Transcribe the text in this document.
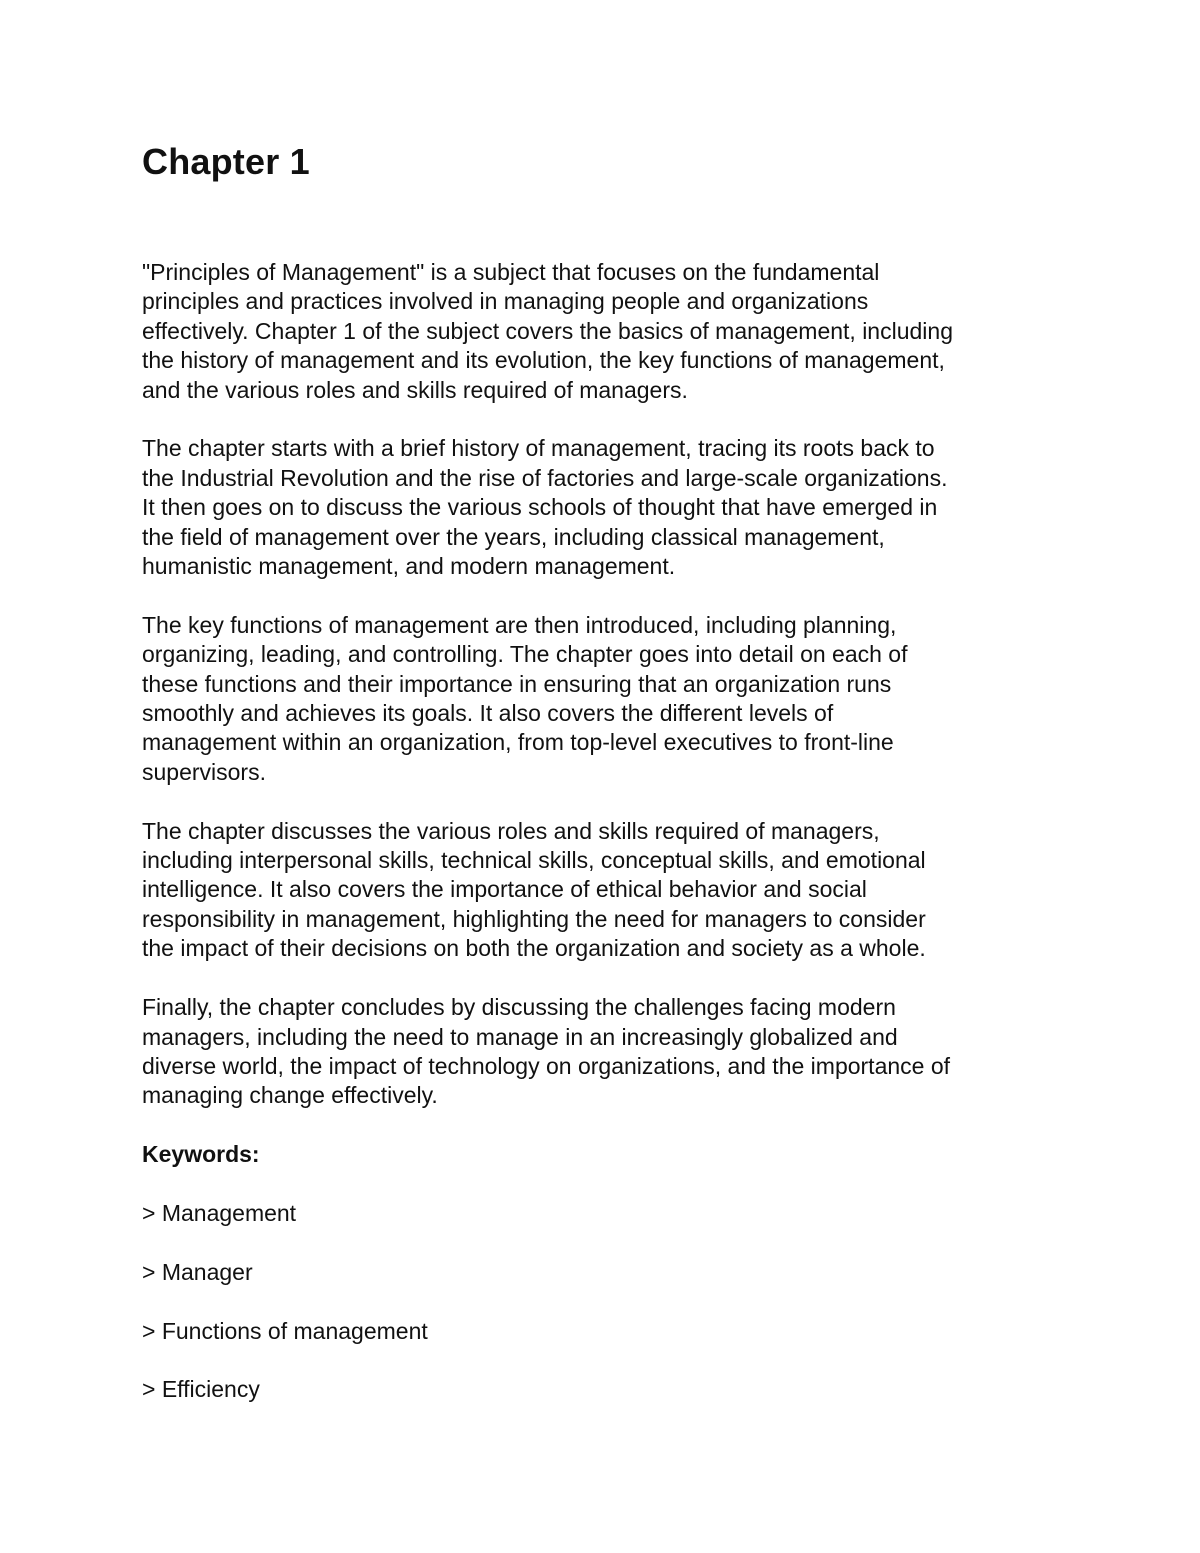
Chapter 1

"Principles of Management" is a subject that focuses on the fundamental
principles and practices involved in managing people and organizations
effectively. Chapter 1 of the subject covers the basics of management, including
the history of management and its evolution, the key functions of management,
and the various roles and skills required of managers.

The chapter starts with a brief history of management, tracing its roots back to
the Industrial Revolution and the rise of factories and large-scale organizations.
It then goes on to discuss the various schools of thought that have emerged in
the field of management over the years, including classical management,
humanistic management, and modern management.

The key functions of management are then introduced, including planning,
organizing, leading, and controlling. The chapter goes into detail on each of
these functions and their importance in ensuring that an organization runs
smoothly and achieves its goals. It also covers the different levels of
management within an organization, from top-level executives to front-line
supervisors.

The chapter discusses the various roles and skills required of managers,
including interpersonal skills, technical skills, conceptual skills, and emotional
intelligence. It also covers the importance of ethical behavior and social
responsibility in management, highlighting the need for managers to consider
the impact of their decisions on both the organization and society as a whole.

Finally, the chapter concludes by discussing the challenges facing modern
managers, including the need to manage in an increasingly globalized and
diverse world, the impact of technology on organizations, and the importance of
managing change effectively.

Keywords:

> Management

> Manager

> Functions of management

> Efficiency
